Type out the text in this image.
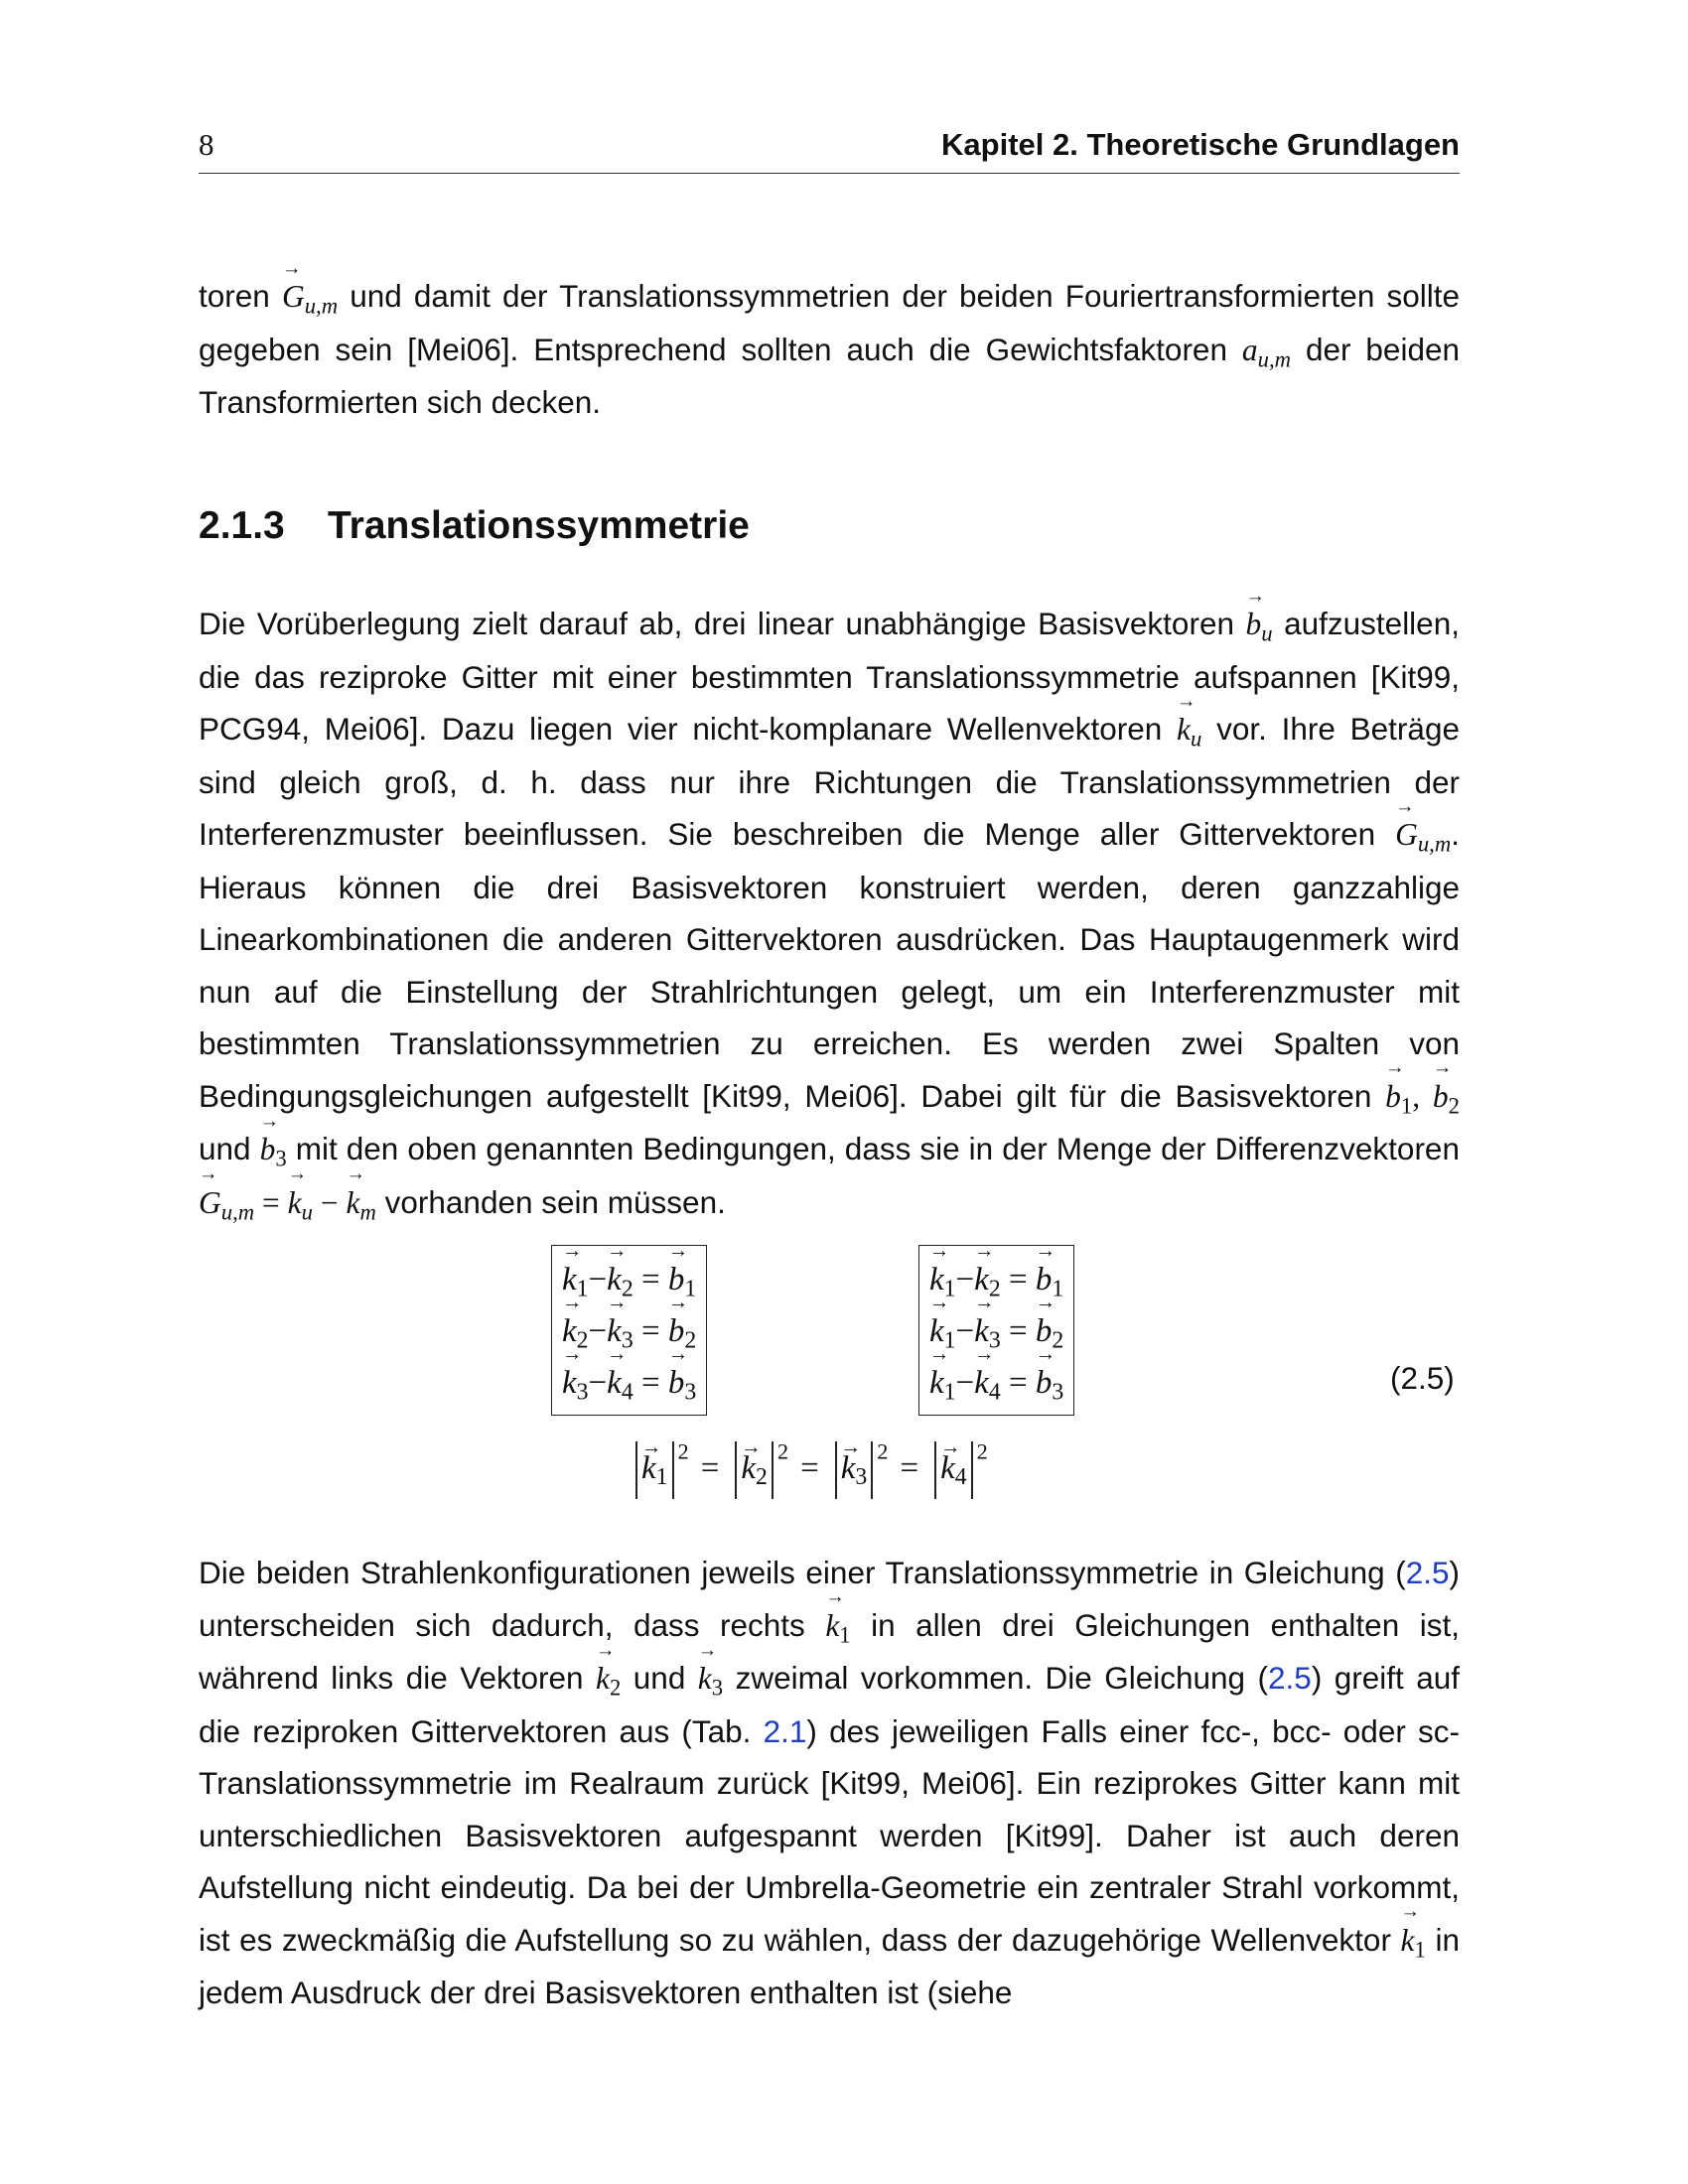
8	Kapitel 2. Theoretische Grundlagen

toren → $G_{u,m}$ und damit der Translationssymmetrien der beiden Fouriertransformierten sollte gegeben sein [Mei06]. Entsprechend sollten auch die Gewichtsfaktoren $a_{u,m}$ der beiden Transformierten sich decken.

2.1.3 Translationssymmetrie

Die Vorüberlegung zielt darauf ab, drei linear unabhängige Basisvektoren → $b_u$ aufzustellen, die das reziproke Gitter mit einer bestimmten Translationssymmetrie aufspannen [Kit99, PCG94, Mei06]. Dazu liegen vier nicht-komplanare Wellenvektoren → $k_u$ vor. Ihre Beträge sind gleich groß, d. h. dass nur ihre Richtungen die Translationssymmetrien der Interferenzmuster beeinflussen. Sie beschreiben die Menge aller Gittervektoren → $G_{u,m}$. Hieraus können die drei Basisvektoren konstruiert werden, deren ganzzahlige Linearkombinationen die anderen Gittervektoren ausdrücken. Das Hauptaugenmerk wird nun auf die Einstellung der Strahlrichtungen gelegt, um ein Interferenzmuster mit bestimmten Translationssymmetrien zu erreichen. Es werden zwei Spalten von Bedingungsgleichungen aufgestellt [Kit99, Mei06]. Dabei gilt für die Basisvektoren → $b_1$, → $b_2$ und → $b_3$ mit den oben genannten Bedingungen, dass sie in der Menge der Differenzvektoren → $G_{u,m}$ = → $k_u$ − → $k_m$ vorhanden sein müssen.

→ $k_1-\to k_2$ = → $b_1$
→ $k_2-\to k_3$ = → $b_2$
→ $k_3-\to k_4$ = → $b_3$
→ $k_1-\to k_2$ = → $b_1$
→ $k_1-\to k_3$ = → $b_2$
→ $k_1-\to k_4$ = → $b_3$	(2.5)
→ $k_1^2 =\to k_2^2 =\to k_3^2 =\to k_4^2$

Die beiden Strahlenkonfigurationen jeweils einer Translationssymmetrie in Gleichung (2.5) unterscheiden sich dadurch, dass rechts → $k_1$ in allen drei Gleichungen enthalten ist, während links die Vektoren → $k_2$ und → $k_3$ zweimal vorkommen. Die Gleichung (2.5) greift auf die reziproken Gittervektoren aus (Tab. 2.1) des jeweiligen Falls einer fcc-, bcc- oder sc- Translationssymmetrie im Realraum zurück [Kit99, Mei06]. Ein reziprokes Gitter kann mit unterschiedlichen Basisvektoren aufgespannt werden [Kit99]. Daher ist auch deren Aufstellung nicht eindeutig. Da bei der Umbrella-Geometrie ein zentraler Strahl vorkommt, ist es zweckmäßig die Aufstellung so zu wählen, dass der dazugehörige Wellenvektor → $k_1$ in jedem Ausdruck der drei Basisvektoren enthalten ist (siehe
